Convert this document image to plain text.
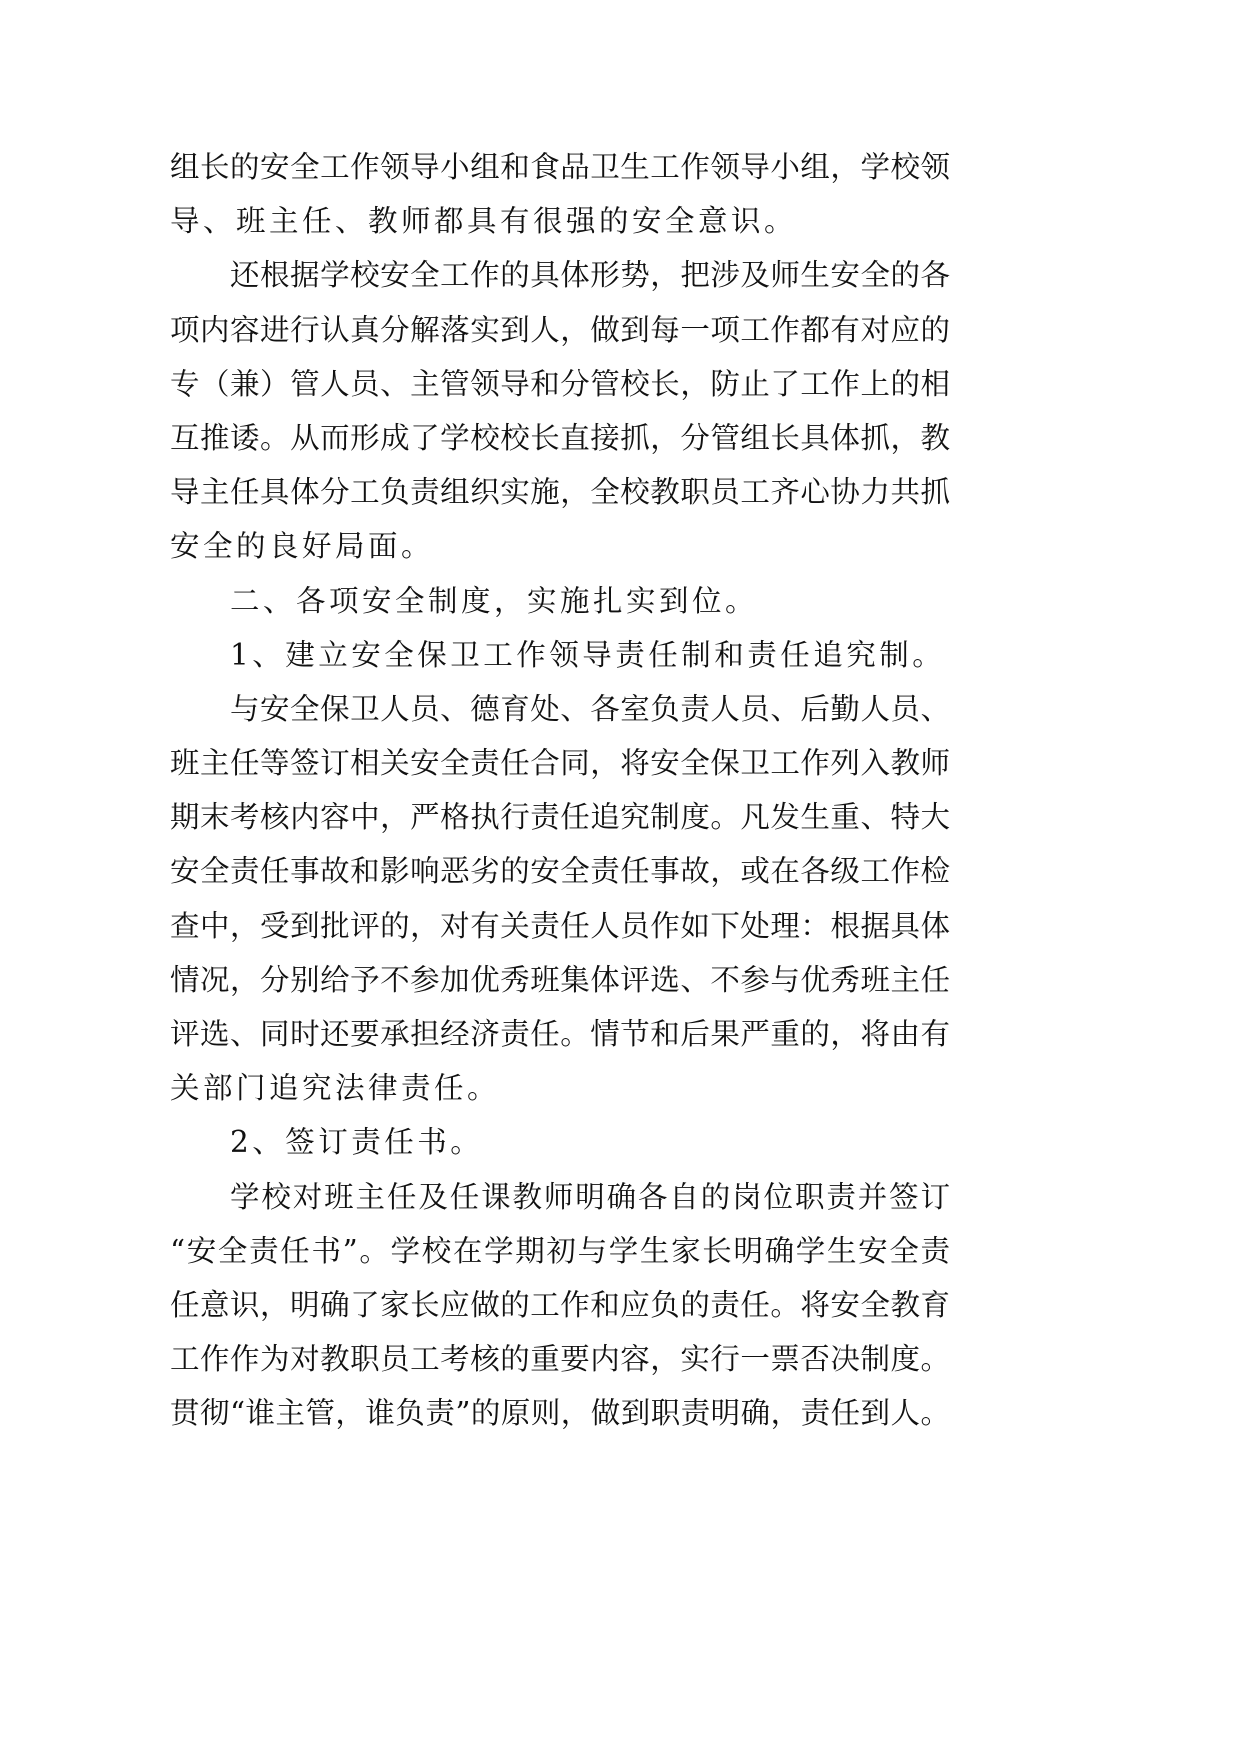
组长的安全工作领导小组和食品卫生工作领导小组，学校领
导、班主任、教师都具有很强的安全意识。
还根据学校安全工作的具体形势，把涉及师生安全的各
项内容进行认真分解落实到人，做到每一项工作都有对应的
专（兼）管人员、主管领导和分管校长，防止了工作上的相
互推诿。从而形成了学校校长直接抓，分管组长具体抓，教
导主任具体分工负责组织实施，全校教职员工齐心协力共抓
安全的良好局面。
二、各项安全制度，实施扎实到位。
1、建立安全保卫工作领导责任制和责任追究制。
与安全保卫人员、德育处、各室负责人员、后勤人员、
班主任等签订相关安全责任合同，将安全保卫工作列入教师
期末考核内容中，严格执行责任追究制度。凡发生重、特大
安全责任事故和影响恶劣的安全责任事故，或在各级工作检
查中，受到批评的，对有关责任人员作如下处理：根据具体
情况，分别给予不参加优秀班集体评选、不参与优秀班主任
评选、同时还要承担经济责任。情节和后果严重的，将由有
关部门追究法律责任。
2、签订责任书。
学校对班主任及任课教师明确各自的岗位职责并签订
“安全责任书”。学校在学期初与学生家长明确学生安全责
任意识，明确了家长应做的工作和应负的责任。将安全教育
工作作为对教职员工考核的重要内容，实行一票否决制度。
贯彻“谁主管，谁负责”的原则，做到职责明确，责任到人。
